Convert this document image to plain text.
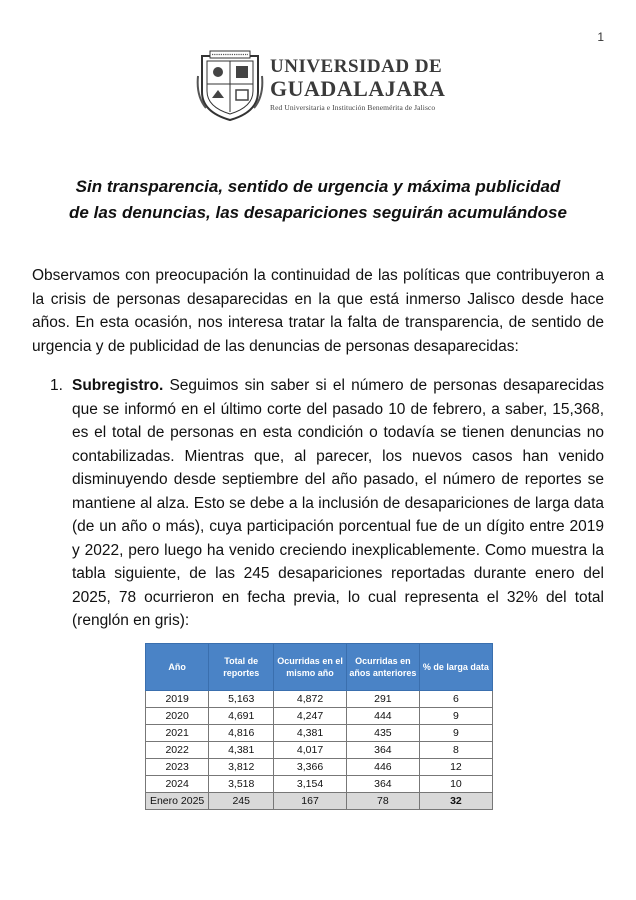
1
UNIVERSIDAD DE
GUADALAJARA
Red Universitaria e Institución Benemérita de Jalisco
Sin transparencia, sentido de urgencia y máxima publicidad
de las denuncias, las desapariciones seguirán acumulándose
Observamos con preocupación la continuidad de las políticas que contribuyeron a la crisis de personas desaparecidas en la que está inmerso Jalisco desde hace años. En esta ocasión, nos interesa tratar la falta de transparencia, de sentido de urgencia y de publicidad de las denuncias de personas desaparecidas:
1. Subregistro. Seguimos sin saber si el número de personas desaparecidas que se informó en el último corte del pasado 10 de febrero, a saber, 15,368, es el total de personas en esta condición o todavía se tienen denuncias no contabilizadas. Mientras que, al parecer, los nuevos casos han venido disminuyendo desde septiembre del año pasado, el número de reportes se mantiene al alza. Esto se debe a la inclusión de desapariciones de larga data (de un año o más), cuya participación porcentual fue de un dígito entre 2019 y 2022, pero luego ha venido creciendo inexplicablemente. Como muestra la tabla siguiente, de las 245 desapariciones reportadas durante enero del 2025, 78 ocurrieron en fecha previa, lo cual representa el 32% del total (renglón en gris):
Año	Total de reportes	Ocurridas en el mismo año	Ocurridas en años anteriores	% de larga data
2019	5,163	4,872	291	6
2020	4,691	4,247	444	9
2021	4,816	4,381	435	9
2022	4,381	4,017	364	8
2023	3,812	3,366	446	12
2024	3,518	3,154	364	10
Enero 2025	245	167	78	32
